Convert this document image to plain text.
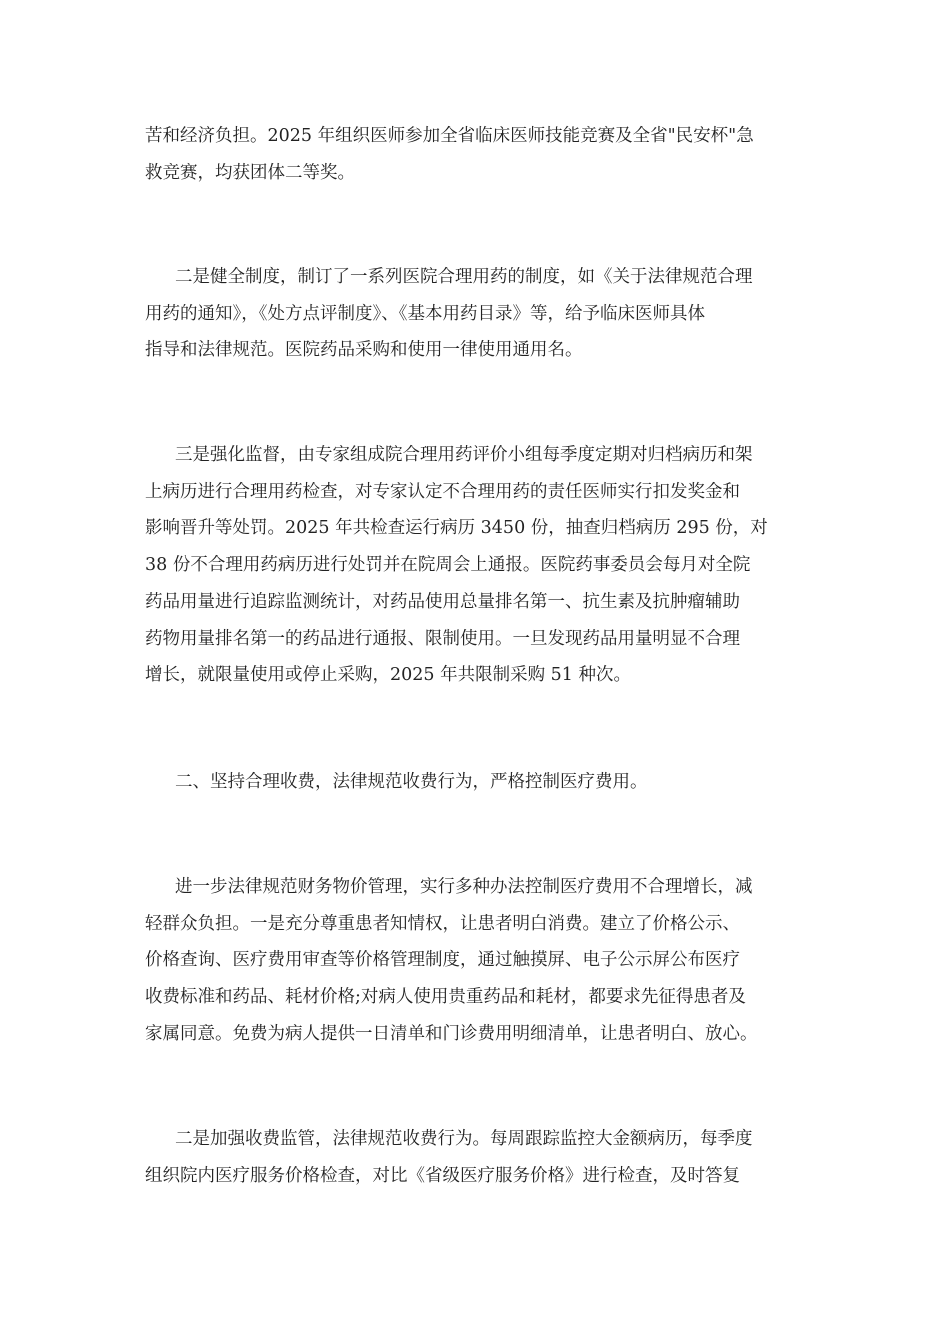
苦和经济负担。2025 年组织医师参加全省临床医师技能竞赛及全省"民安杯"急
救竞赛，均获团体二等奖。
二是健全制度，制订了一系列医院合理用药的制度，如《关于法律规范合理
用药的通知》，《处方点评制度》、《基本用药目录》等，给予临床医师具体
指导和法律规范。医院药品采购和使用一律使用通用名。
三是强化监督，由专家组成院合理用药评价小组每季度定期对归档病历和架
上病历进行合理用药检查，对专家认定不合理用药的责任医师实行扣发奖金和
影响晋升等处罚。2025 年共检查运行病历 3450 份，抽查归档病历 295 份，对
38 份不合理用药病历进行处罚并在院周会上通报。医院药事委员会每月对全院
药品用量进行追踪监测统计，对药品使用总量排名第一、抗生素及抗肿瘤辅助
药物用量排名第一的药品进行通报、限制使用。一旦发现药品用量明显不合理
增长，就限量使用或停止采购，2025 年共限制采购 51 种次。
二、坚持合理收费，法律规范收费行为，严格控制医疗费用。
进一步法律规范财务物价管理，实行多种办法控制医疗费用不合理增长，减
轻群众负担。一是充分尊重患者知情权，让患者明白消费。建立了价格公示、
价格查询、医疗费用审查等价格管理制度，通过触摸屏、电子公示屏公布医疗
收费标准和药品、耗材价格;对病人使用贵重药品和耗材，都要求先征得患者及
家属同意。免费为病人提供一日清单和门诊费用明细清单，让患者明白、放心。
二是加强收费监管，法律规范收费行为。每周跟踪监控大金额病历，每季度
组织院内医疗服务价格检查，对比《省级医疗服务价格》进行检查，及时答复
